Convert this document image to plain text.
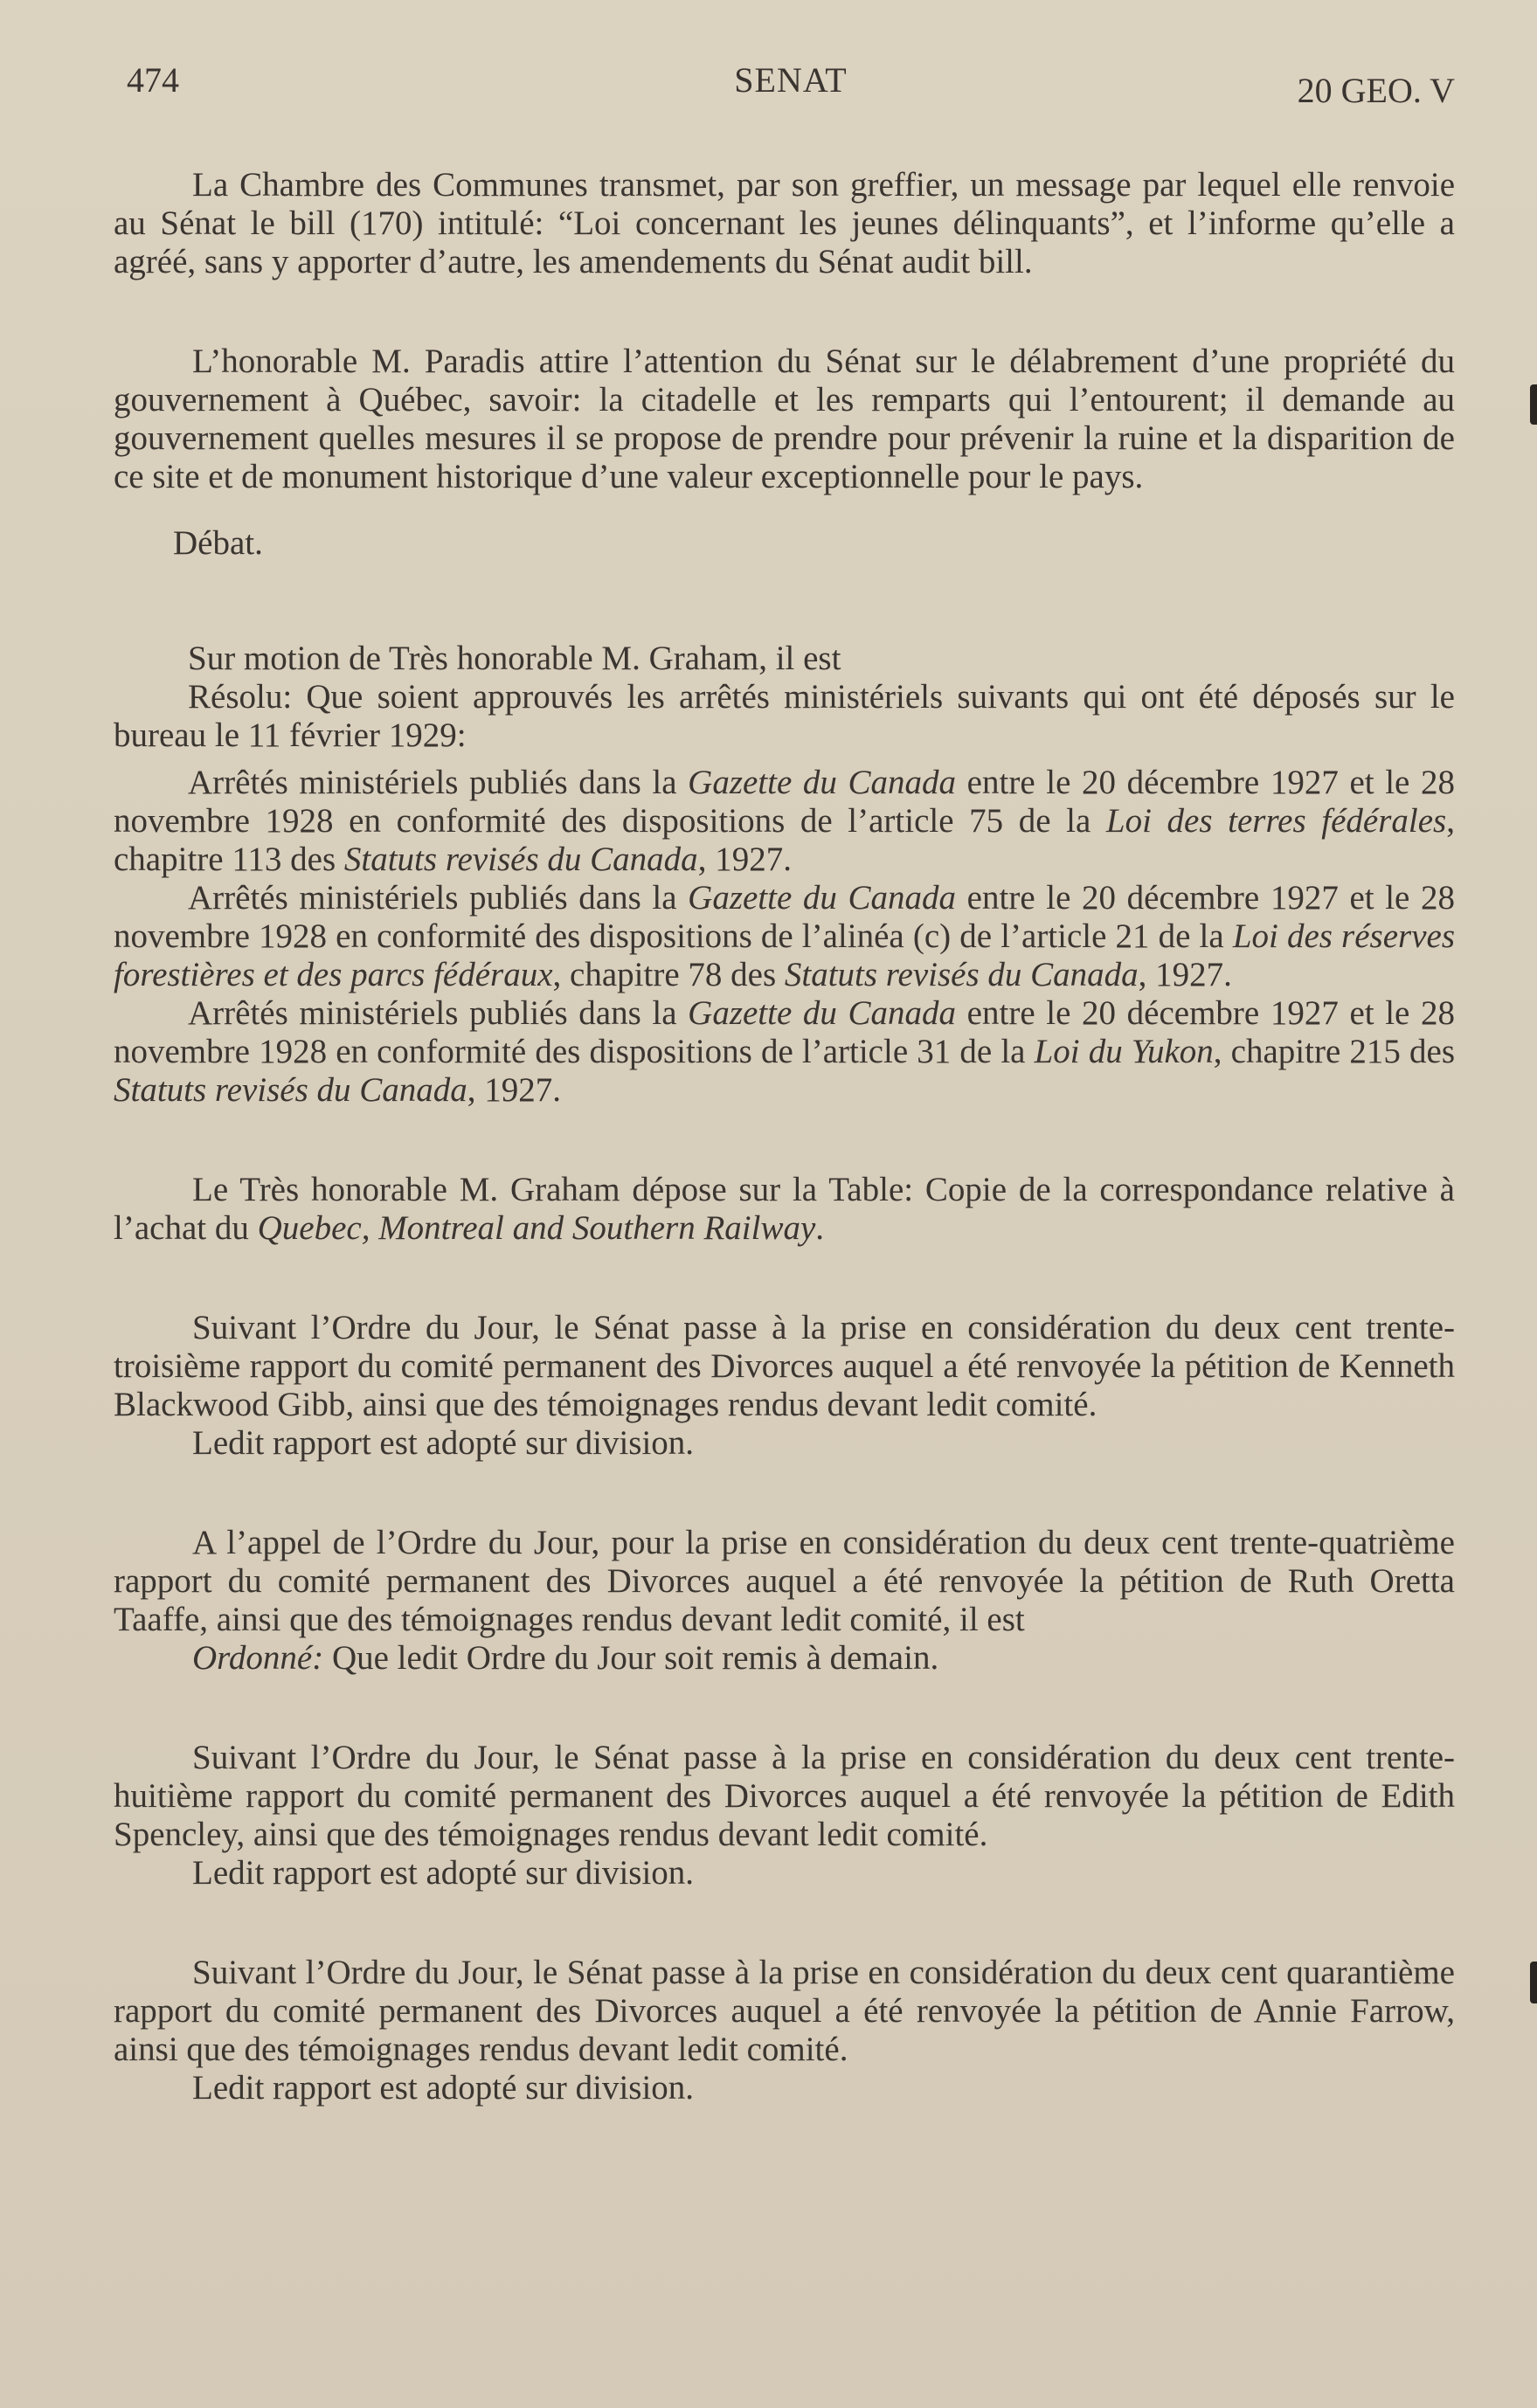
474	SENAT	20 GEO. V

La Chambre des Communes transmet, par son greffier, un message par lequel elle renvoie au Sénat le bill (170) intitulé: “Loi concernant les jeunes délinquants”, et l’informe qu’elle a agréé, sans y apporter d’autre, les amendements du Sénat audit bill.

L’honorable M. Paradis attire l’attention du Sénat sur le délabrement d’une propriété du gouvernement à Québec, savoir: la citadelle et les remparts qui l’entourent; il demande au gouvernement quelles mesures il se propose de prendre pour prévenir la ruine et la disparition de ce site et de monument historique d’une valeur exceptionnelle pour le pays.

Débat.

Sur motion de Très honorable M. Graham, il est

Résolu: Que soient approuvés les arrêtés ministériels suivants qui ont été déposés sur le bureau le 11 février 1929:

Arrêtés ministériels publiés dans la Gazette du Canada entre le 20 décembre 1927 et le 28 novembre 1928 en conformité des dispositions de l’article 75 de la Loi des terres fédérales, chapitre 113 des Statuts revisés du Canada, 1927.

Arrêtés ministériels publiés dans la Gazette du Canada entre le 20 décembre 1927 et le 28 novembre 1928 en conformité des dispositions de l’alinéa (c) de l’article 21 de la Loi des réserves forestières et des parcs fédéraux, chapitre 78 des Statuts revisés du Canada, 1927.

Arrêtés ministériels publiés dans la Gazette du Canada entre le 20 décembre 1927 et le 28 novembre 1928 en conformité des dispositions de l’article 31 de la Loi du Yukon, chapitre 215 des Statuts revisés du Canada, 1927.

Le Très honorable M. Graham dépose sur la Table: Copie de la correspondance relative à l’achat du Quebec, Montreal and Southern Railway.

Suivant l’Ordre du Jour, le Sénat passe à la prise en considération du deux cent trente-troisième rapport du comité permanent des Divorces auquel a été renvoyée la pétition de Kenneth Blackwood Gibb, ainsi que des témoignages rendus devant ledit comité.

Ledit rapport est adopté sur division.

A l’appel de l’Ordre du Jour, pour la prise en considération du deux cent trente-quatrième rapport du comité permanent des Divorces auquel a été renvoyée la pétition de Ruth Oretta Taaffe, ainsi que des témoignages rendus devant ledit comité, il est

Ordonné: Que ledit Ordre du Jour soit remis à demain.

Suivant l’Ordre du Jour, le Sénat passe à la prise en considération du deux cent trente-huitième rapport du comité permanent des Divorces auquel a été renvoyée la pétition de Edith Spencley, ainsi que des témoignages rendus devant ledit comité.

Ledit rapport est adopté sur division.

Suivant l’Ordre du Jour, le Sénat passe à la prise en considération du deux cent quarantième rapport du comité permanent des Divorces auquel a été renvoyée la pétition de Annie Farrow, ainsi que des témoignages rendus devant ledit comité.

Ledit rapport est adopté sur division.
